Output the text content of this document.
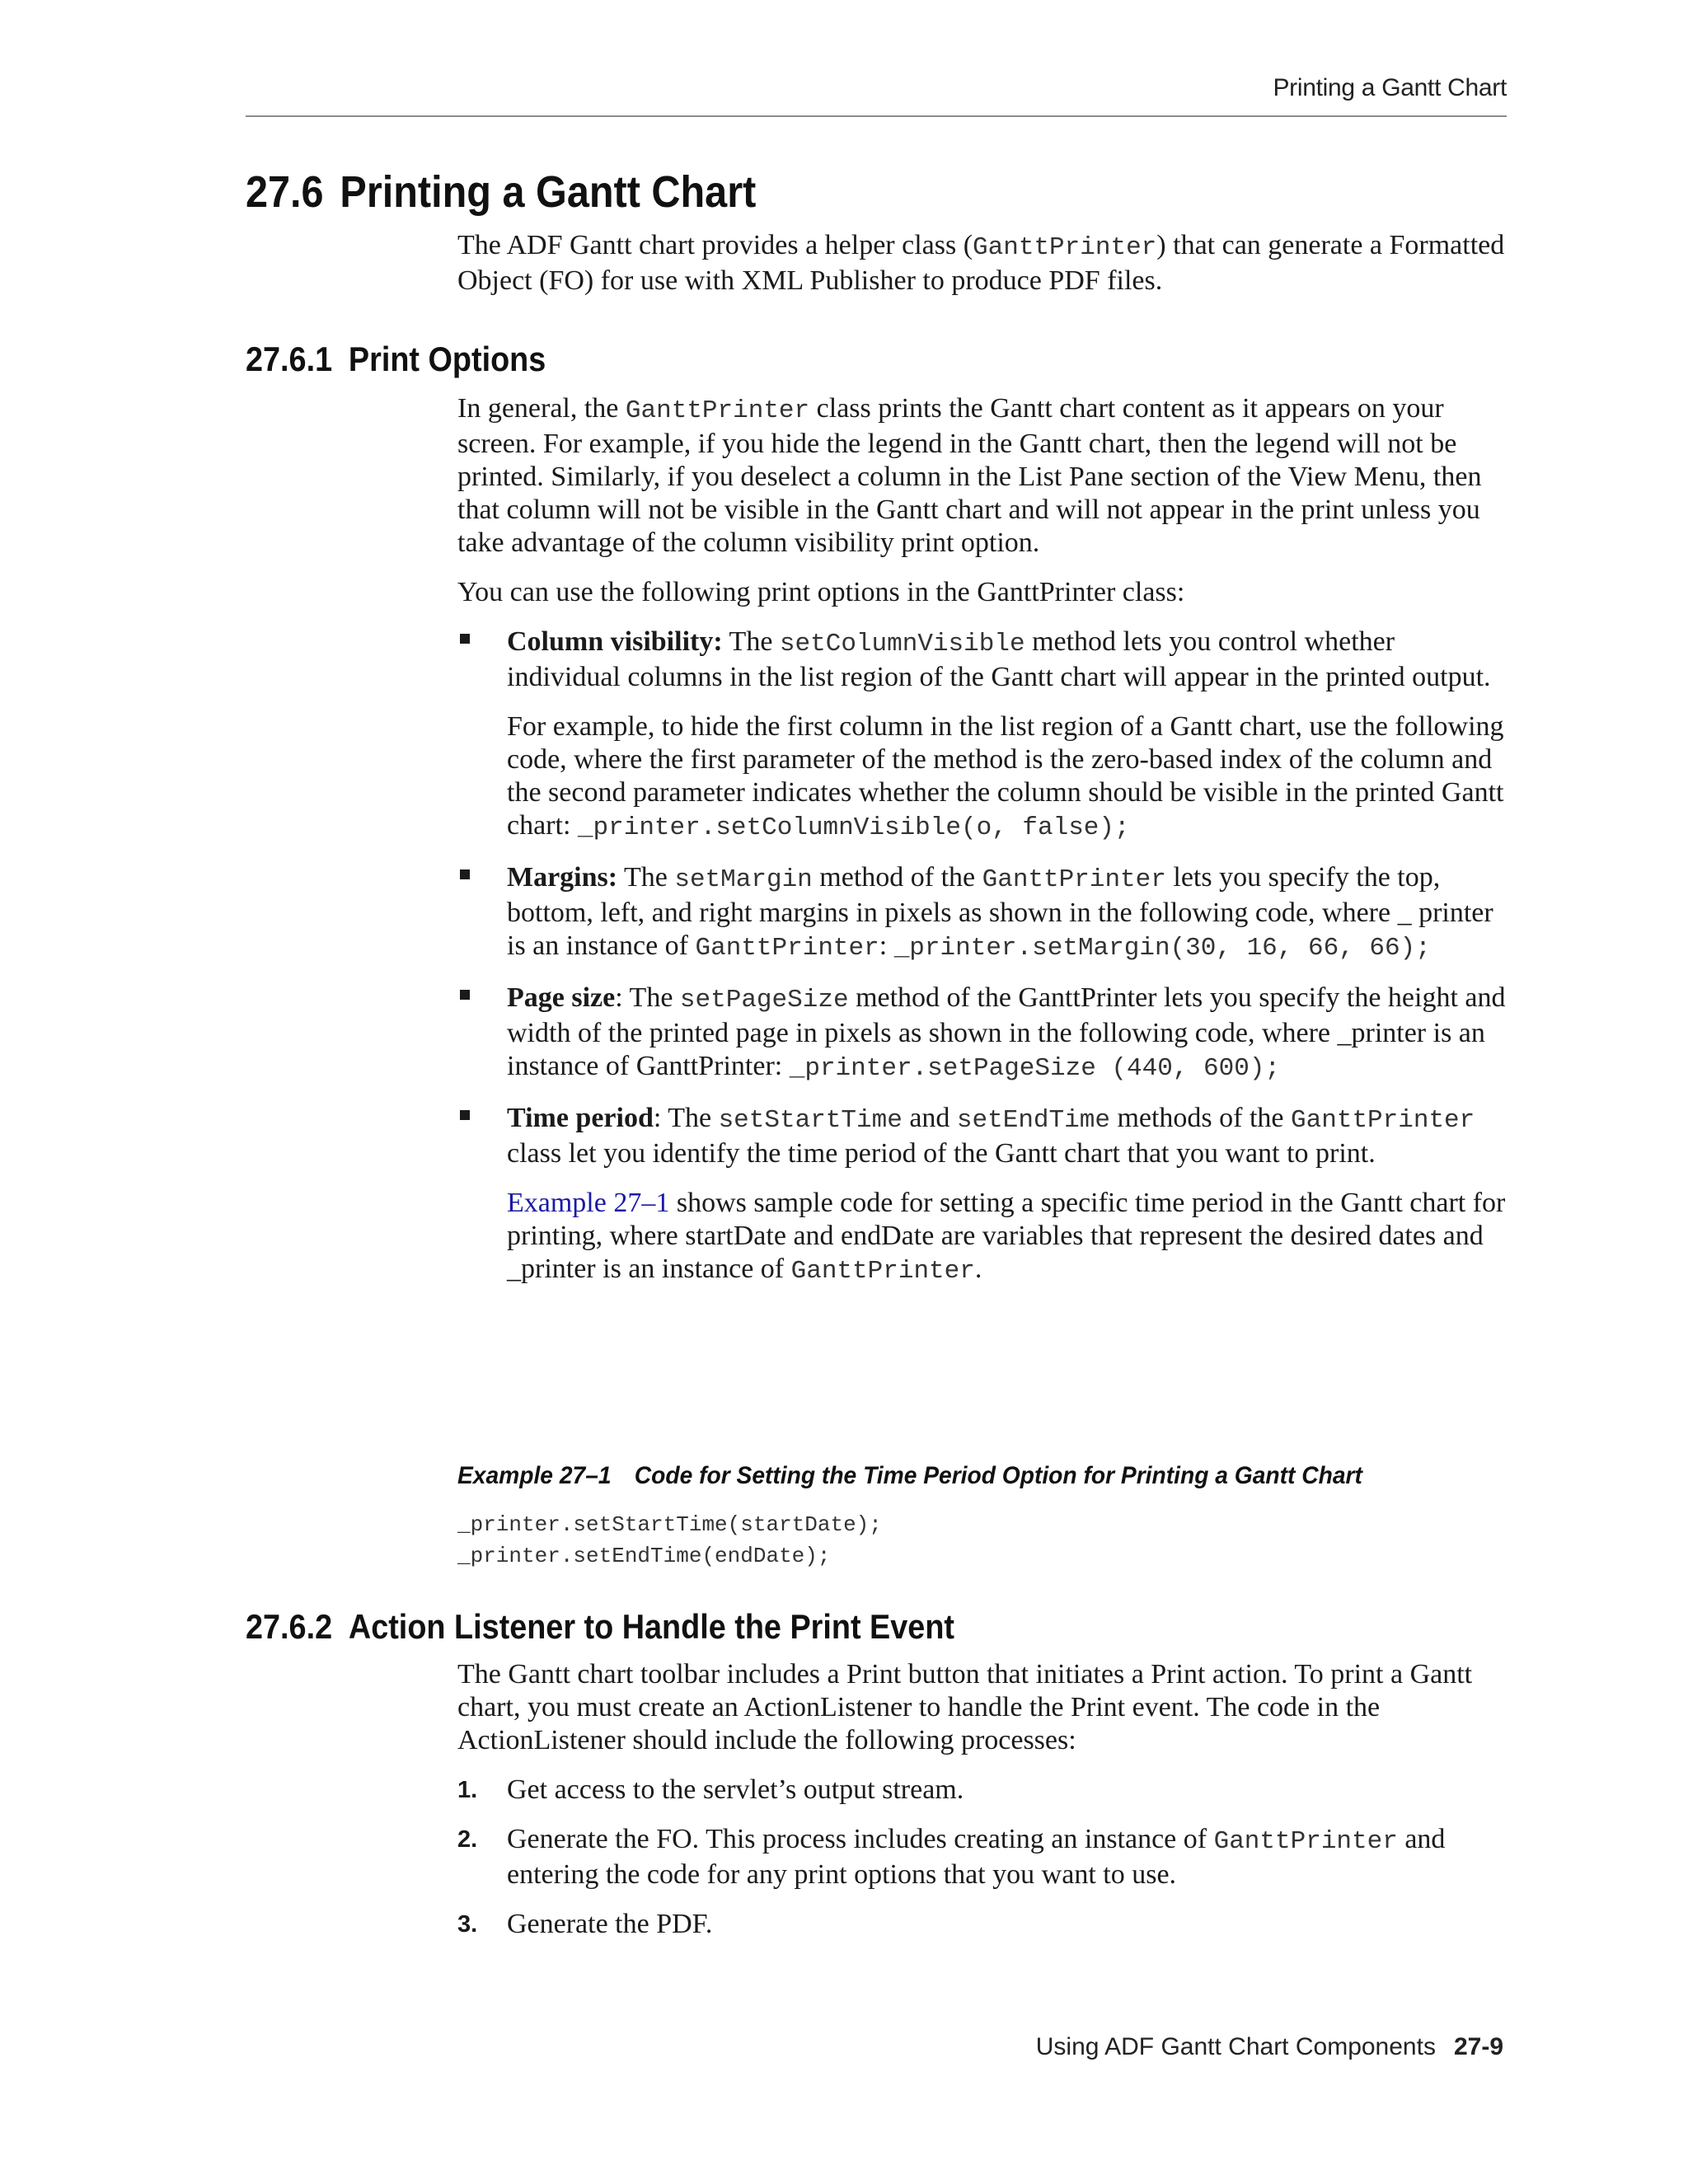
Printing a Gantt Chart
27.6 Printing a Gantt Chart

The ADF Gantt chart provides a helper class (GanttPrinter) that can generate a Formatted Object (FO) for use with XML Publisher to produce PDF files.

27.6.1 Print Options

In general, the GanttPrinter class prints the Gantt chart content as it appears on your screen. For example, if you hide the legend in the Gantt chart, then the legend will not be printed. Similarly, if you deselect a column in the List Pane section of the View Menu, then that column will not be visible in the Gantt chart and will not appear in the print unless you take advantage of the column visibility print option.

You can use the following print options in the GanttPrinter class:

Column visibility: The setColumnVisible method lets you control whether individual columns in the list region of the Gantt chart will appear in the printed output.

For example, to hide the first column in the list region of a Gantt chart, use the following code, where the first parameter of the method is the zero-based index of the column and the second parameter indicates whether the column should be visible in the printed Gantt chart: _printer.setColumnVisible(o, false);

Margins: The setMargin method of the GanttPrinter lets you specify the top, bottom, left, and right margins in pixels as shown in the following code, where _ printer is an instance of GanttPrinter: _printer.setMargin(30, 16, 66, 66);

Page size: The setPageSize method of the GanttPrinter lets you specify the height and width of the printed page in pixels as shown in the following code, where _printer is an instance of GanttPrinter: _printer.setPageSize (440, 600);

Time period: The setStartTime and setEndTime methods of the GanttPrinter class let you identify the time period of the Gantt chart that you want to print.

Example 27–1 shows sample code for setting a specific time period in the Gantt chart for printing, where startDate and endDate are variables that represent the desired dates and _printer is an instance of GanttPrinter.

Example 27–1 Code for Setting the Time Period Option for Printing a Gantt Chart

_printer.setStartTime(startDate);
_printer.setEndTime(endDate);
27.6.2 Action Listener to Handle the Print Event

The Gantt chart toolbar includes a Print button that initiates a Print action. To print a Gantt chart, you must create an ActionListener to handle the Print event. The code in the ActionListener should include the following processes:

1. Get access to the servlet’s output stream.
2. Generate the FO. This process includes creating an instance of GanttPrinter and entering the code for any print options that you want to use.
3. Generate the PDF.
Using ADF Gantt Chart Components 27-9
